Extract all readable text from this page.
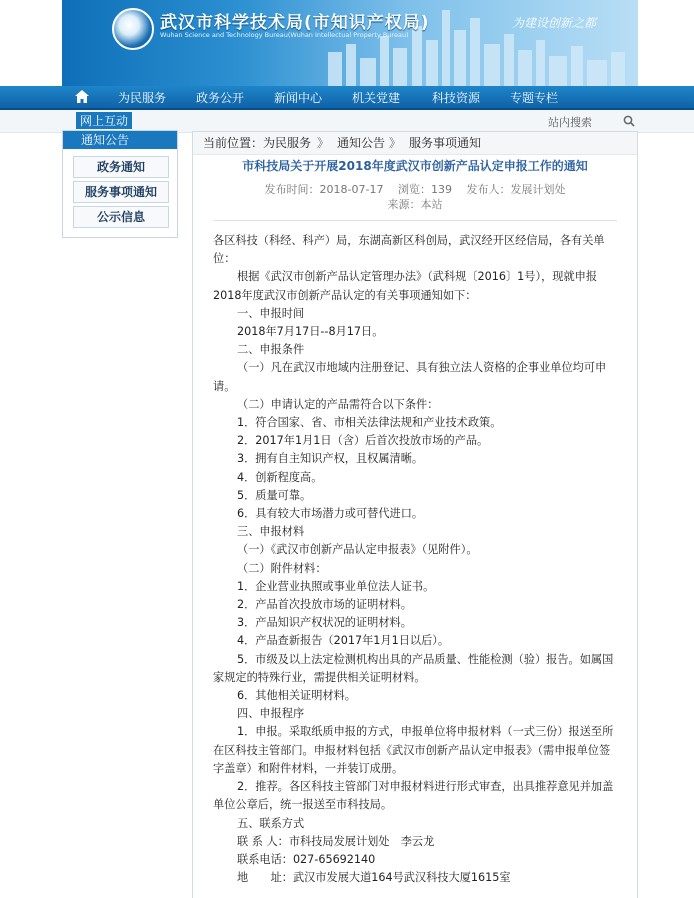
武汉市科学技术局(市知识产权局)
Wuhan Science and Technology Bureau(Wuhan Intellectual Property Bureau)
为建设创新之都
为民服务 政务公开 新闻中心 机关党建	科技资源 专题专栏
网上互动	站内搜索
通知公告
政务通知
服务事项通知
公示信息
当前位置： 为民服务 》 通知公告 》 服务事项通知
市科技局关于开展2018年度武汉市创新产品认定申报工作的通知
发布时间：2018-07-17　 浏览：139　 发布人：发展计划处
来源：本站

各区科技（科经、科产）局，东湖高新区科创局，武汉经开区经信局，各有关单位：

根据《武汉市创新产品认定管理办法》（武科规〔2016〕1号），现就申报2018年度武汉市创新产品认定的有关事项通知如下：

一、申报时间

2018年7月17日--8月17日。

二、申报条件

（一）凡在武汉市地域内注册登记、具有独立法人资格的企事业单位均可申请。

（二）申请认定的产品需符合以下条件：

1．符合国家、省、市相关法律法规和产业技术政策。

2．2017年1月1日（含）后首次投放市场的产品。

3．拥有自主知识产权，且权属清晰。

4．创新程度高。

5．质量可靠。

6．具有较大市场潜力或可替代进口。

三、申报材料

（一）《武汉市创新产品认定申报表》（见附件）。

（二）附件材料：

1．企业营业执照或事业单位法人证书。

2．产品首次投放市场的证明材料。

3．产品知识产权状况的证明材料。

4．产品查新报告（2017年1月1日以后）。

5．市级及以上法定检测机构出具的产品质量、性能检测（验）报告。如属国家规定的特殊行业，需提供相关证明材料。

6．其他相关证明材料。

四、申报程序

1．申报。采取纸质申报的方式，申报单位将申报材料（一式三份）报送至所在区科技主管部门。申报材料包括《武汉市创新产品认定申报表》（需申报单位签字盖章）和附件材料，一并装订成册。

2．推荐。各区科技主管部门对申报材料进行形式审查，出具推荐意见并加盖单位公章后，统一报送至市科技局。

五、联系方式

联 系 人：市科技局发展计划处　李云龙

联系电话：027-65692140

地　　址：武汉市发展大道164号武汉科技大厦1615室
